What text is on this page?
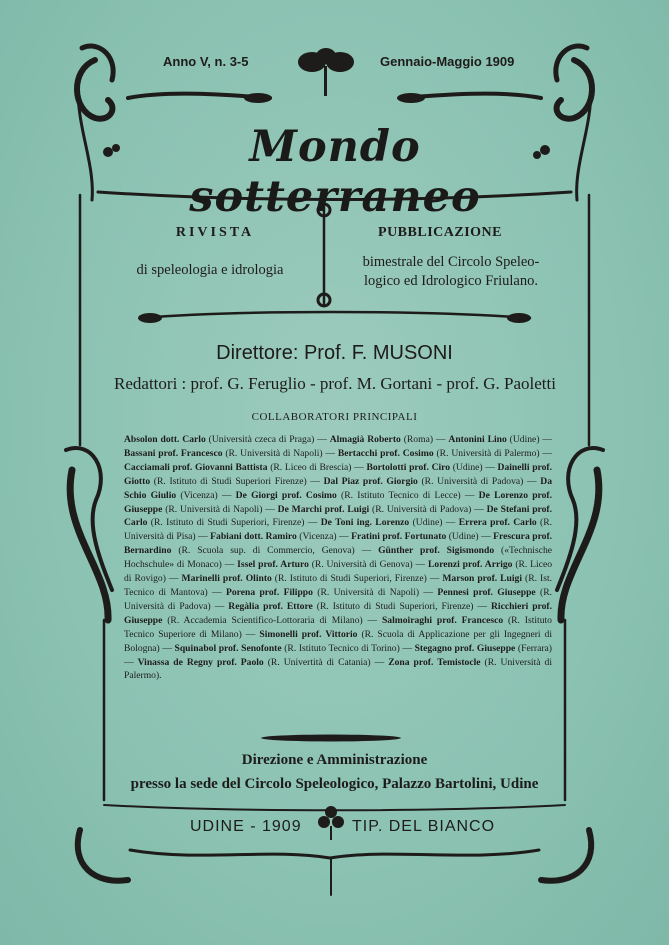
Anno V, n. 3-5	Gennaio-Maggio 1909
Mondo sotterraneo
RIVISTA
di speleologia e idrologia
PUBBLICAZIONE
bimestrale del Circolo Speleo-
logico ed Idrologico Friulano.
Direttore: Prof. F. MUSONI
Redattori : prof. G. Feruglio - prof. M. Gortani - prof. G. Paoletti
COLLABORATORI PRINCIPALI
Absolon dott. Carlo (Università czeca di Praga) — Almagià Roberto (Roma) — Antonini Lino (Udine) — Bassani prof. Francesco (R. Università di Napoli) — Bertacchi prof. Cosimo (R. Università di Palermo) — Cacciamali prof. Giovanni Battista (R. Liceo di Brescia) — Bortolotti prof. Ciro (Udine) — Dainelli prof. Giotto (R. Istituto di Studi Superiori Firenze) — Dal Piaz prof. Giorgio (R. Università di Padova) — Da Schio Giulio (Vicenza) — De Giorgi prof. Cosimo (R. Istituto Tecnico di Lecce) — De Lorenzo prof. Giuseppe (R. Università di Napoli) — De Marchi prof. Luigi (R. Università di Padova) — De Stefani prof. Carlo (R. Istituto di Studi Superiori, Firenze) — De Toni ing. Lorenzo (Udine) — Errera prof. Carlo (R. Università di Pisa) — Fabiani dott. Ramiro (Vicenza) — Fratini prof. Fortunato (Udine) — Frescura prof. Bernardino (R. Scuola sup. di Commercio, Genova) — Günther prof. Sigismondo («Technische Hochschule» di Monaco) — Issel prof. Arturo (R. Università di Genova) — Lorenzi prof. Arrigo (R. Liceo di Rovigo) — Marinelli prof. Olinto (R. Istituto di Studi Superiori, Firenze) — Marson prof. Luigi (R. Ist. Tecnico di Mantova) — Porena prof. Filippo (R. Università di Napoli) — Pennesi prof. Giuseppe (R. Università di Padova) — Regàlia prof. Ettore (R. Istituto di Studi Superiori, Firenze) — Ricchieri prof. Giuseppe (R. Accademia Scientifico-Lottoraria di Milano) — Salmoiraghi prof. Francesco (R. Istituto Tecnico Superiore di Milano) — Simonelli prof. Vittorio (R. Scuola di Applicazione per gli Ingegneri di Bologna) — Squinabol prof. Senofonte (R. Istituto Tecnico di Torino) — Stegagno prof. Giuseppe (Ferrara) — Vinassa de Regny prof. Paolo (R. Univertità di Catania) — Zona prof. Temistocle (R. Università di Palermo).
Direzione e Amministrazione
presso la sede del Circolo Speleologico, Palazzo Bartolini, Udine
UDINE - 1909	TIP. DEL BIANCO
